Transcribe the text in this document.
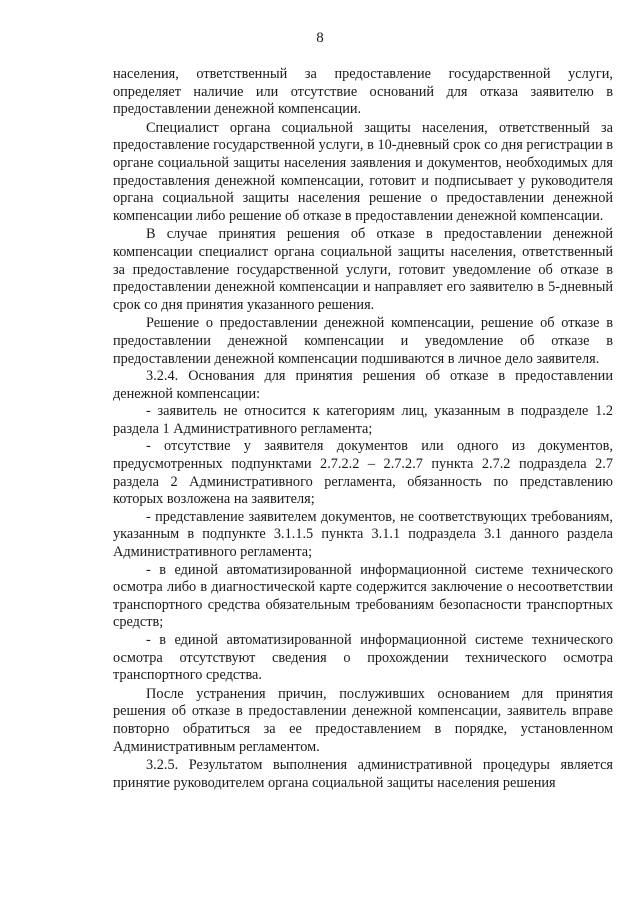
8

населения, ответственный за предоставление государственной услуги, определяет наличие или отсутствие оснований для отказа заявителю в предоставлении денежной компенсации.

Специалист органа социальной защиты населения, ответственный за предоставление государственной услуги, в 10-дневный срок со дня регистрации в органе социальной защиты населения заявления и документов, необходимых для предоставления денежной компенсации, готовит и подписывает у руководителя органа социальной защиты населения решение о предоставлении денежной компенсации либо решение об отказе в предоставлении денежной компенсации.

В случае принятия решения об отказе в предоставлении денежной компенсации специалист органа социальной защиты населения, ответственный за предоставление государственной услуги, готовит уведомление об отказе в предоставлении денежной компенсации и направляет его заявителю в 5-дневный срок со дня принятия указанного решения.

Решение о предоставлении денежной компенсации, решение об отказе в предоставлении денежной компенсации и уведомление об отказе в предоставлении денежной компенсации подшиваются в личное дело заявителя.

3.2.4. Основания для принятия решения об отказе в предоставлении денежной компенсации:

- заявитель не относится к категориям лиц, указанным в подразделе 1.2 раздела 1 Административного регламента;

- отсутствие у заявителя документов или одного из документов, предусмотренных подпунктами 2.7.2.2 – 2.7.2.7 пункта 2.7.2 подраздела 2.7 раздела 2 Административного регламента, обязанность по представлению которых возложена на заявителя;

- представление заявителем документов, не соответствующих требованиям, указанным в подпункте 3.1.1.5 пункта 3.1.1 подраздела 3.1 данного раздела Административного регламента;

- в единой автоматизированной информационной системе технического осмотра либо в диагностической карте содержится заключение о несоответствии транспортного средства обязательным требованиям безопасности транспортных средств;

- в единой автоматизированной информационной системе технического осмотра отсутствуют сведения о прохождении технического осмотра транспортного средства.

После устранения причин, послуживших основанием для принятия решения об отказе в предоставлении денежной компенсации, заявитель вправе повторно обратиться за ее предоставлением в порядке, установленном Административным регламентом.

3.2.5. Результатом выполнения административной процедуры является принятие руководителем органа социальной защиты населения решения
